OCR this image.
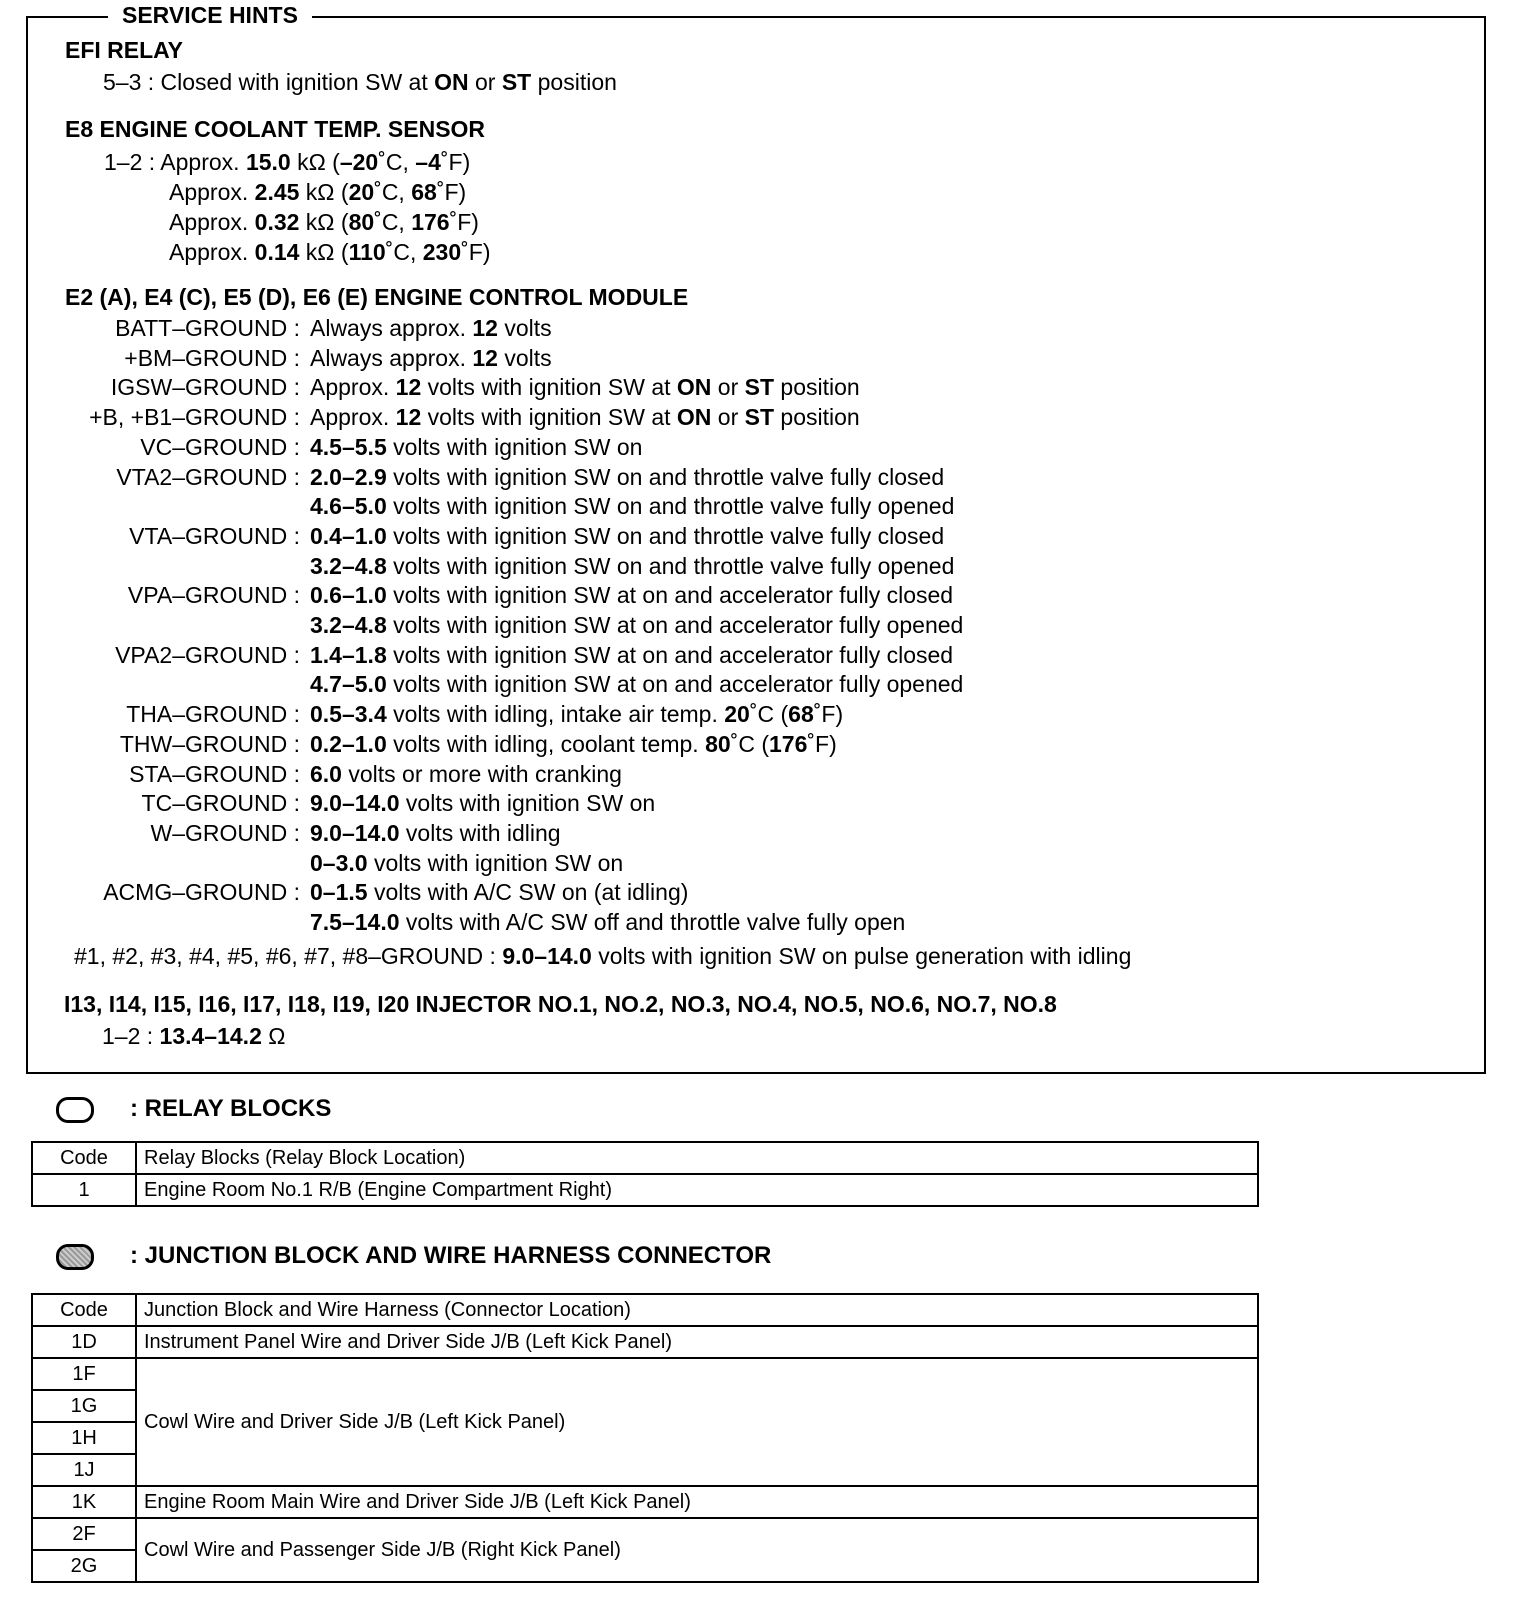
SERVICE HINTS
EFI RELAY
5–3 : Closed with ignition SW at ON or ST position
E8 ENGINE COOLANT TEMP. SENSOR
1–2 : Approx. 15.0 kΩ (–20˚C, –4˚F)
Approx. 2.45 kΩ (20˚C, 68˚F)
Approx. 0.32 kΩ (80˚C, 176˚F)
Approx. 0.14 kΩ (110˚C, 230˚F)
E2 (A), E4 (C), E5 (D), E6 (E) ENGINE CONTROL MODULE
BATT–GROUND : Always approx. 12 volts
+BM–GROUND : Always approx. 12 volts
IGSW–GROUND : Approx. 12 volts with ignition SW at ON or ST position
+B, +B1–GROUND : Approx. 12 volts with ignition SW at ON or ST position
VC–GROUND : 4.5–5.5 volts with ignition SW on
VTA2–GROUND : 2.0–2.9 volts with ignition SW on and throttle valve fully closed
4.6–5.0 volts with ignition SW on and throttle valve fully opened
VTA–GROUND : 0.4–1.0 volts with ignition SW on and throttle valve fully closed
3.2–4.8 volts with ignition SW on and throttle valve fully opened
VPA–GROUND : 0.6–1.0 volts with ignition SW at on and accelerator fully closed
3.2–4.8 volts with ignition SW at on and accelerator fully opened
VPA2–GROUND : 1.4–1.8 volts with ignition SW at on and accelerator fully closed
4.7–5.0 volts with ignition SW at on and accelerator fully opened
THA–GROUND : 0.5–3.4 volts with idling, intake air temp. 20˚C (68˚F)
THW–GROUND : 0.2–1.0 volts with idling, coolant temp. 80˚C (176˚F)
STA–GROUND : 6.0 volts or more with cranking
TC–GROUND : 9.0–14.0 volts with ignition SW on
W–GROUND : 9.0–14.0 volts with idling
0–3.0 volts with ignition SW on
ACMG–GROUND : 0–1.5 volts with A/C SW on (at idling)
7.5–14.0 volts with A/C SW off and throttle valve fully open
#1, #2, #3, #4, #5, #6, #7, #8–GROUND : 9.0–14.0 volts with ignition SW on pulse generation with idling
I13, I14, I15, I16, I17, I18, I19, I20 INJECTOR NO.1, NO.2, NO.3, NO.4, NO.5, NO.6, NO.7, NO.8
1–2 : 13.4–14.2 Ω
: RELAY BLOCKS
Code	Relay Blocks (Relay Block Location)
1	Engine Room No.1 R/B (Engine Compartment Right)
: JUNCTION BLOCK AND WIRE HARNESS CONNECTOR
Code	Junction Block and Wire Harness (Connector Location)
1D	Instrument Panel Wire and Driver Side J/B (Left Kick Panel)
1F	Cowl Wire and Driver Side J/B (Left Kick Panel)
1G	
1H	
1J	
1K	Engine Room Main Wire and Driver Side J/B (Left Kick Panel)
2F	Cowl Wire and Passenger Side J/B (Right Kick Panel)
2G	
